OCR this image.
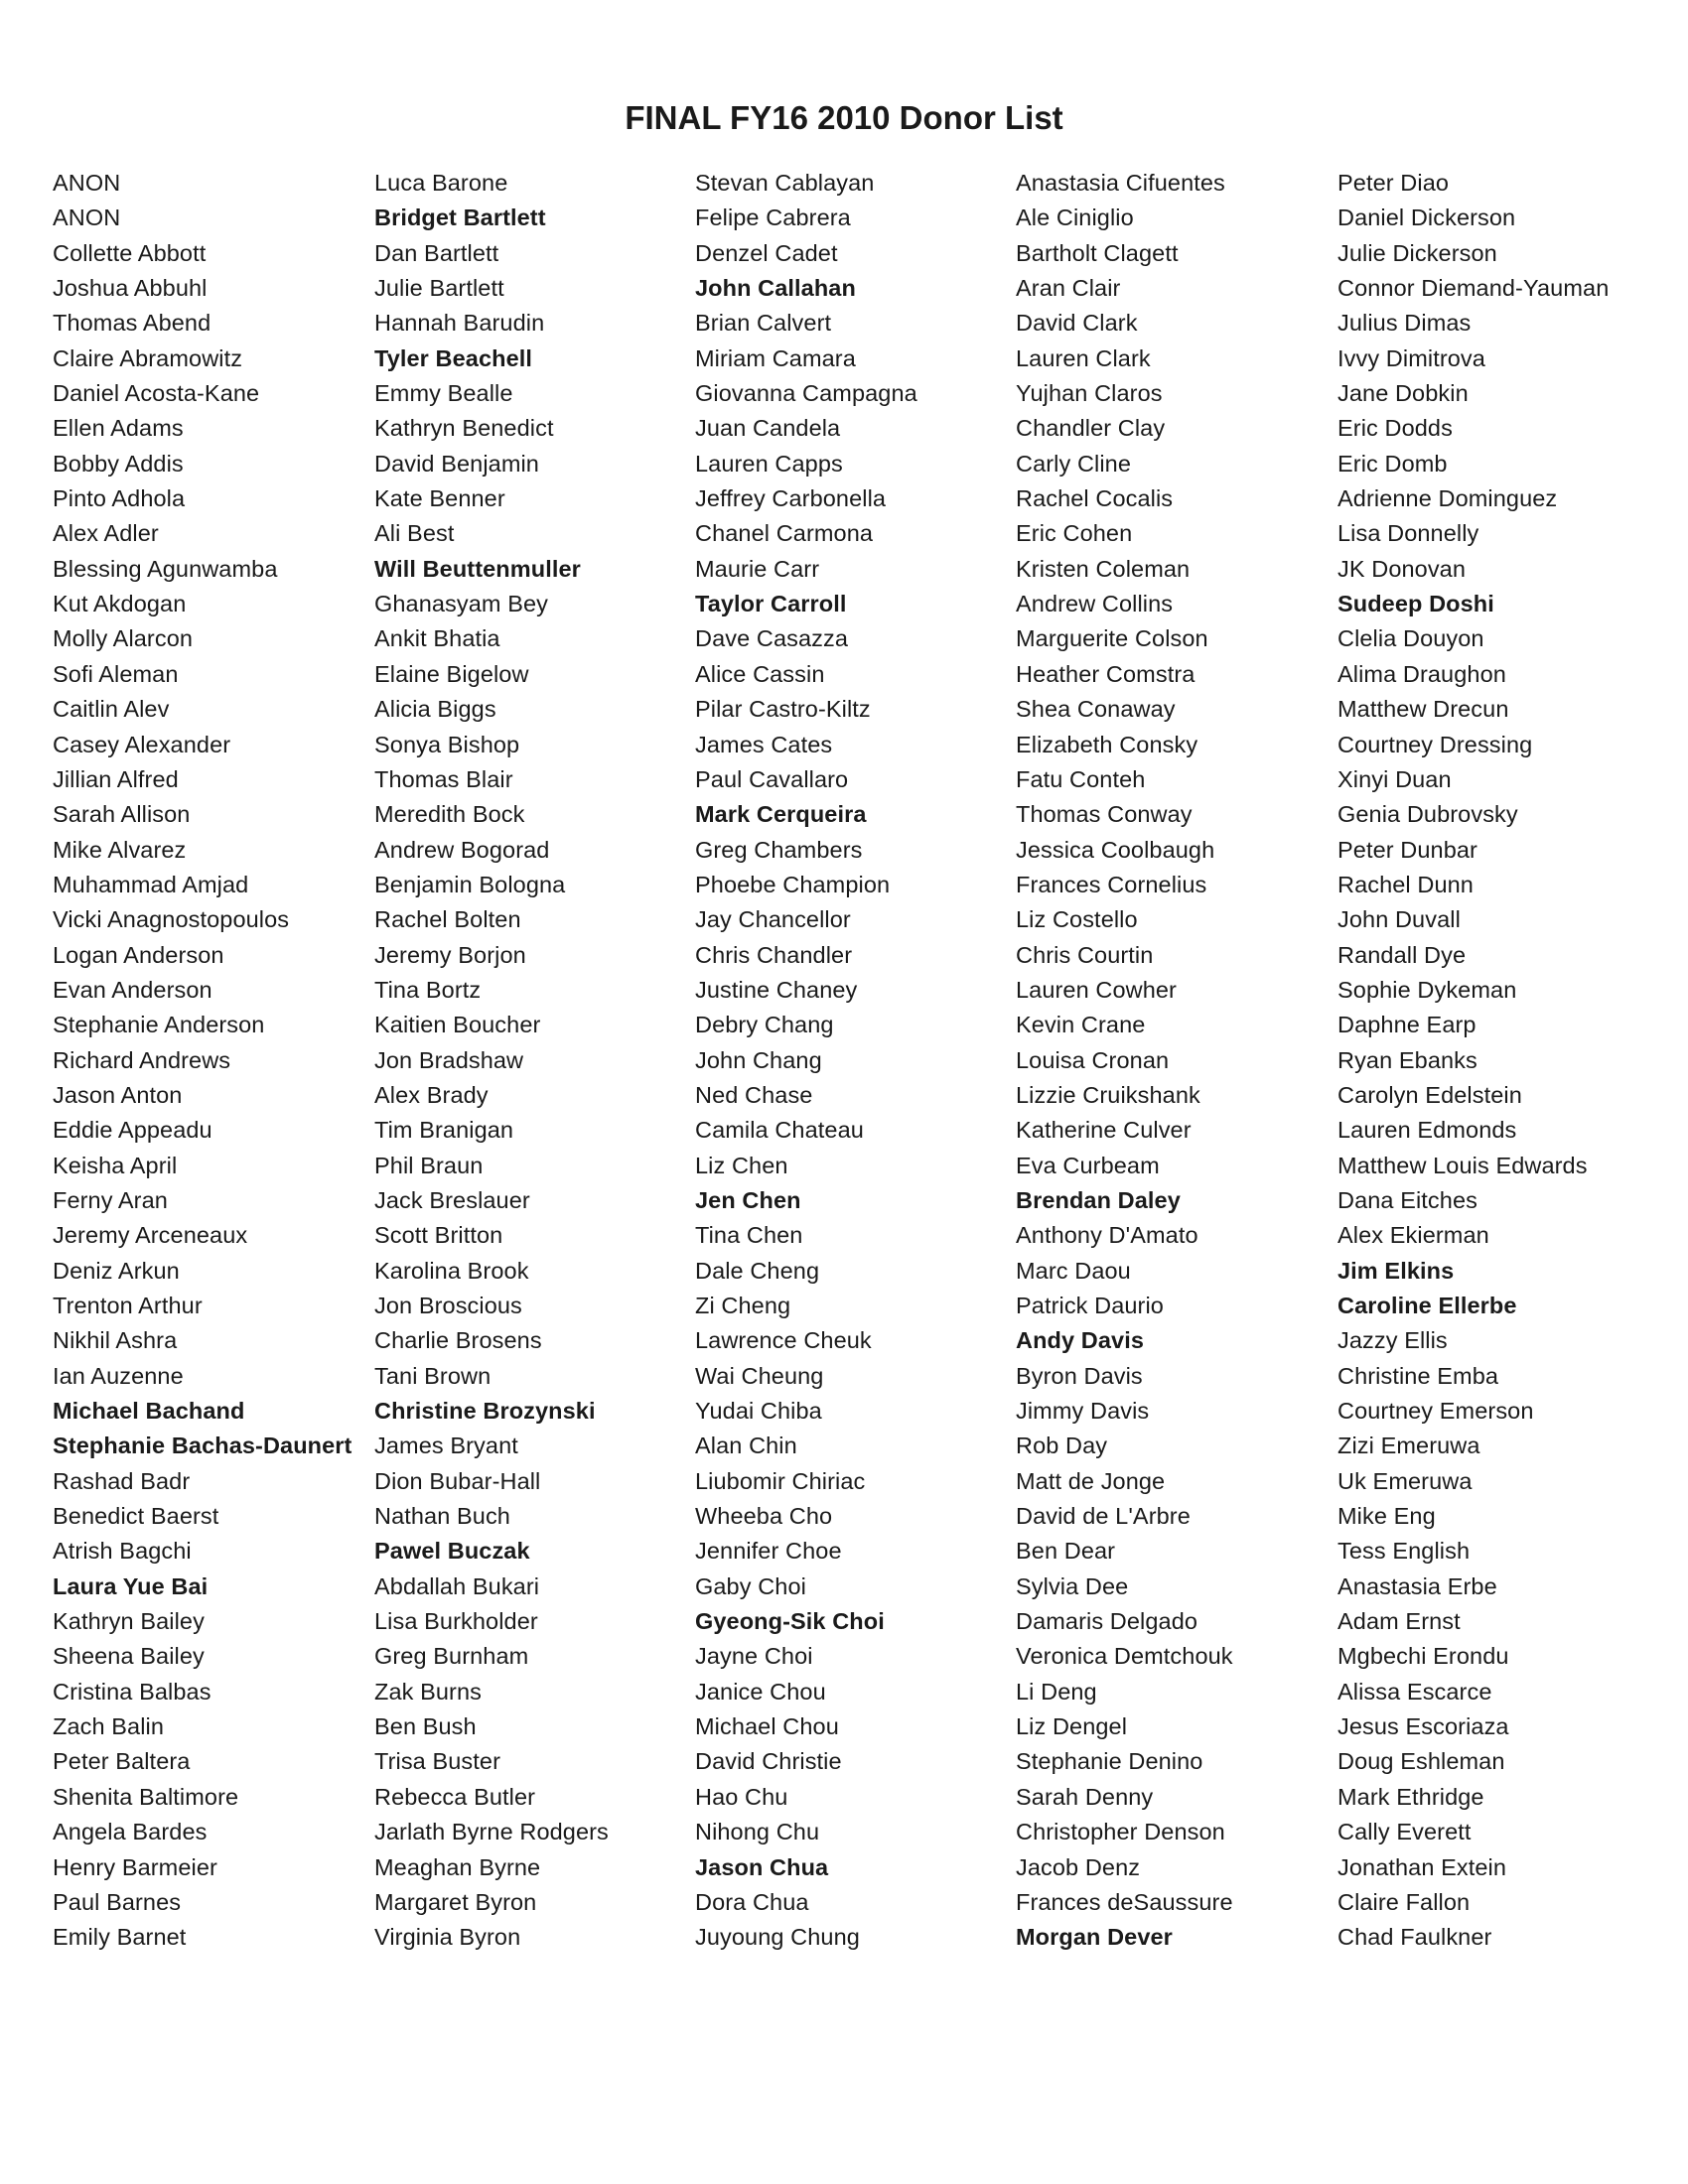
FINAL FY16 2010 Donor List
ANON
ANON
Collette Abbott
Joshua Abbuhl
Thomas Abend
Claire Abramowitz
Daniel Acosta-Kane
Ellen Adams
Bobby Addis
Pinto Adhola
Alex Adler
Blessing Agunwamba
Kut Akdogan
Molly Alarcon
Sofi Aleman
Caitlin Alev
Casey Alexander
Jillian Alfred
Sarah Allison
Mike Alvarez
Muhammad Amjad
Vicki Anagnostopoulos
Logan Anderson
Evan Anderson
Stephanie Anderson
Richard Andrews
Jason Anton
Eddie Appeadu
Keisha April
Ferny Aran
Jeremy Arceneaux
Deniz Arkun
Trenton Arthur
Nikhil Ashra
Ian Auzenne
Michael Bachand
Stephanie Bachas-Daunert
Rashad Badr
Benedict Baerst
Atrish Bagchi
Laura Yue Bai
Kathryn Bailey
Sheena Bailey
Cristina Balbas
Zach Balin
Peter Baltera
Shenita Baltimore
Angela Bardes
Henry Barmeier
Paul Barnes
Emily Barnet
Luca Barone
Bridget Bartlett
Dan Bartlett
Julie Bartlett
Hannah Barudin
Tyler Beachell
Emmy Bealle
Kathryn Benedict
David Benjamin
Kate Benner
Ali Best
Will Beuttenmuller
Ghanasyam Bey
Ankit Bhatia
Elaine Bigelow
Alicia Biggs
Sonya Bishop
Thomas Blair
Meredith Bock
Andrew Bogorad
Benjamin Bologna
Rachel Bolten
Jeremy Borjon
Tina Bortz
Kaitien Boucher
Jon Bradshaw
Alex Brady
Tim Branigan
Phil Braun
Jack Breslauer
Scott Britton
Karolina Brook
Jon Broscious
Charlie Brosens
Tani Brown
Christine Brozynski
James Bryant
Dion Bubar-Hall
Nathan Buch
Pawel Buczak
Abdallah Bukari
Lisa Burkholder
Greg Burnham
Zak Burns
Ben Bush
Trisa Buster
Rebecca Butler
Jarlath Byrne Rodgers
Meaghan Byrne
Margaret Byron
Virginia Byron
Stevan Cablayan
Felipe Cabrera
Denzel Cadet
John Callahan
Brian Calvert
Miriam Camara
Giovanna Campagna
Juan Candela
Lauren Capps
Jeffrey Carbonella
Chanel Carmona
Maurie Carr
Taylor Carroll
Dave Casazza
Alice Cassin
Pilar Castro-Kiltz
James Cates
Paul Cavallaro
Mark Cerqueira
Greg Chambers
Phoebe Champion
Jay Chancellor
Chris Chandler
Justine Chaney
Debry Chang
John Chang
Ned Chase
Camila Chateau
Liz Chen
Jen Chen
Tina Chen
Dale Cheng
Zi Cheng
Lawrence Cheuk
Wai Cheung
Yudai Chiba
Alan Chin
Liubomir Chiriac
Wheeba Cho
Jennifer Choe
Gaby Choi
Gyeong-Sik Choi
Jayne Choi
Janice Chou
Michael Chou
David Christie
Hao Chu
Nihong Chu
Jason Chua
Dora Chua
Juyoung Chung
Anastasia Cifuentes
Ale Ciniglio
Bartholt Clagett
Aran Clair
David Clark
Lauren Clark
Yujhan Claros
Chandler Clay
Carly Cline
Rachel Cocalis
Eric Cohen
Kristen Coleman
Andrew Collins
Marguerite Colson
Heather Comstra
Shea Conaway
Elizabeth Consky
Fatu Conteh
Thomas Conway
Jessica Coolbaugh
Frances Cornelius
Liz Costello
Chris Courtin
Lauren Cowher
Kevin Crane
Louisa Cronan
Lizzie Cruikshank
Katherine Culver
Eva Curbeam
Brendan Daley
Anthony D'Amato
Marc Daou
Patrick Daurio
Andy Davis
Byron Davis
Jimmy Davis
Rob Day
Matt de Jonge
David de L'Arbre
Ben Dear
Sylvia Dee
Damaris Delgado
Veronica Demtchouk
Li Deng
Liz Dengel
Stephanie Denino
Sarah Denny
Christopher Denson
Jacob Denz
Frances deSaussure
Morgan Dever
Peter Diao
Daniel Dickerson
Julie Dickerson
Connor Diemand-Yauman
Julius Dimas
Ivvy Dimitrova
Jane Dobkin
Eric Dodds
Eric Domb
Adrienne Dominguez
Lisa Donnelly
JK Donovan
Sudeep Doshi
Clelia Douyon
Alima Draughon
Matthew Drecun
Courtney Dressing
Xinyi Duan
Genia Dubrovsky
Peter Dunbar
Rachel Dunn
John Duvall
Randall Dye
Sophie Dykeman
Daphne Earp
Ryan Ebanks
Carolyn Edelstein
Lauren Edmonds
Matthew Louis Edwards
Dana Eitches
Alex Ekierman
Jim Elkins
Caroline Ellerbe
Jazzy Ellis
Christine Emba
Courtney Emerson
Zizi Emeruwa
Uk Emeruwa
Mike Eng
Tess English
Anastasia Erbe
Adam Ernst
Mgbechi Erondu
Alissa Escarce
Jesus Escoriaza
Doug Eshleman
Mark Ethridge
Cally Everett
Jonathan Extein
Claire Fallon
Chad Faulkner
